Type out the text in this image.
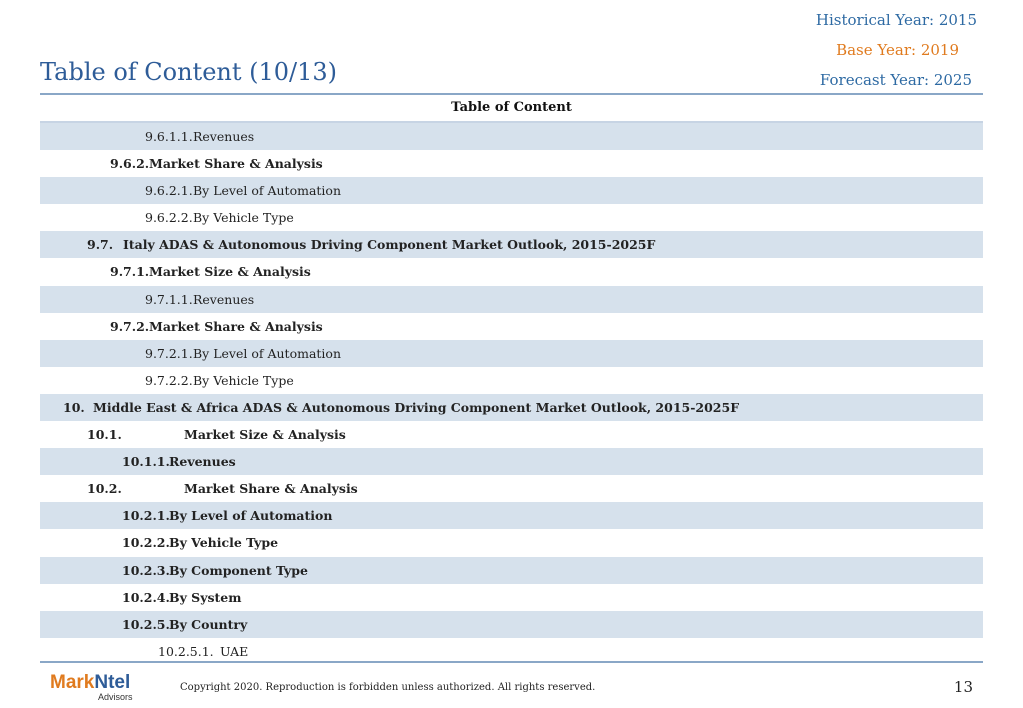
Historical Year: 2015
Base Year: 2019
Forecast Year: 2025
Table of Content (10/13)
Table of Content
9.6.1.1. Revenues
9.6.2. Market Share & Analysis
9.6.2.1. By Level of Automation
9.6.2.2. By Vehicle Type
9.7. Italy ADAS & Autonomous Driving Component Market Outlook, 2015-2025F
9.7.1. Market Size & Analysis
9.7.1.1. Revenues
9.7.2. Market Share & Analysis
9.7.2.1. By Level of Automation
9.7.2.2. By Vehicle Type
10. Middle East & Africa ADAS & Autonomous Driving Component Market Outlook, 2015-2025F
10.1.	Market Size & Analysis
10.1.1. Revenues
10.2.	Market Share & Analysis
10.2.1. By Level of Automation
10.2.2. By Vehicle Type
10.2.3. By Component Type
10.2.4. By System
10.2.5. By Country
10.2.5.1. UAE
MarkNtel
Advisors
Copyright 2020. Reproduction is forbidden unless authorized. All rights reserved.	13
